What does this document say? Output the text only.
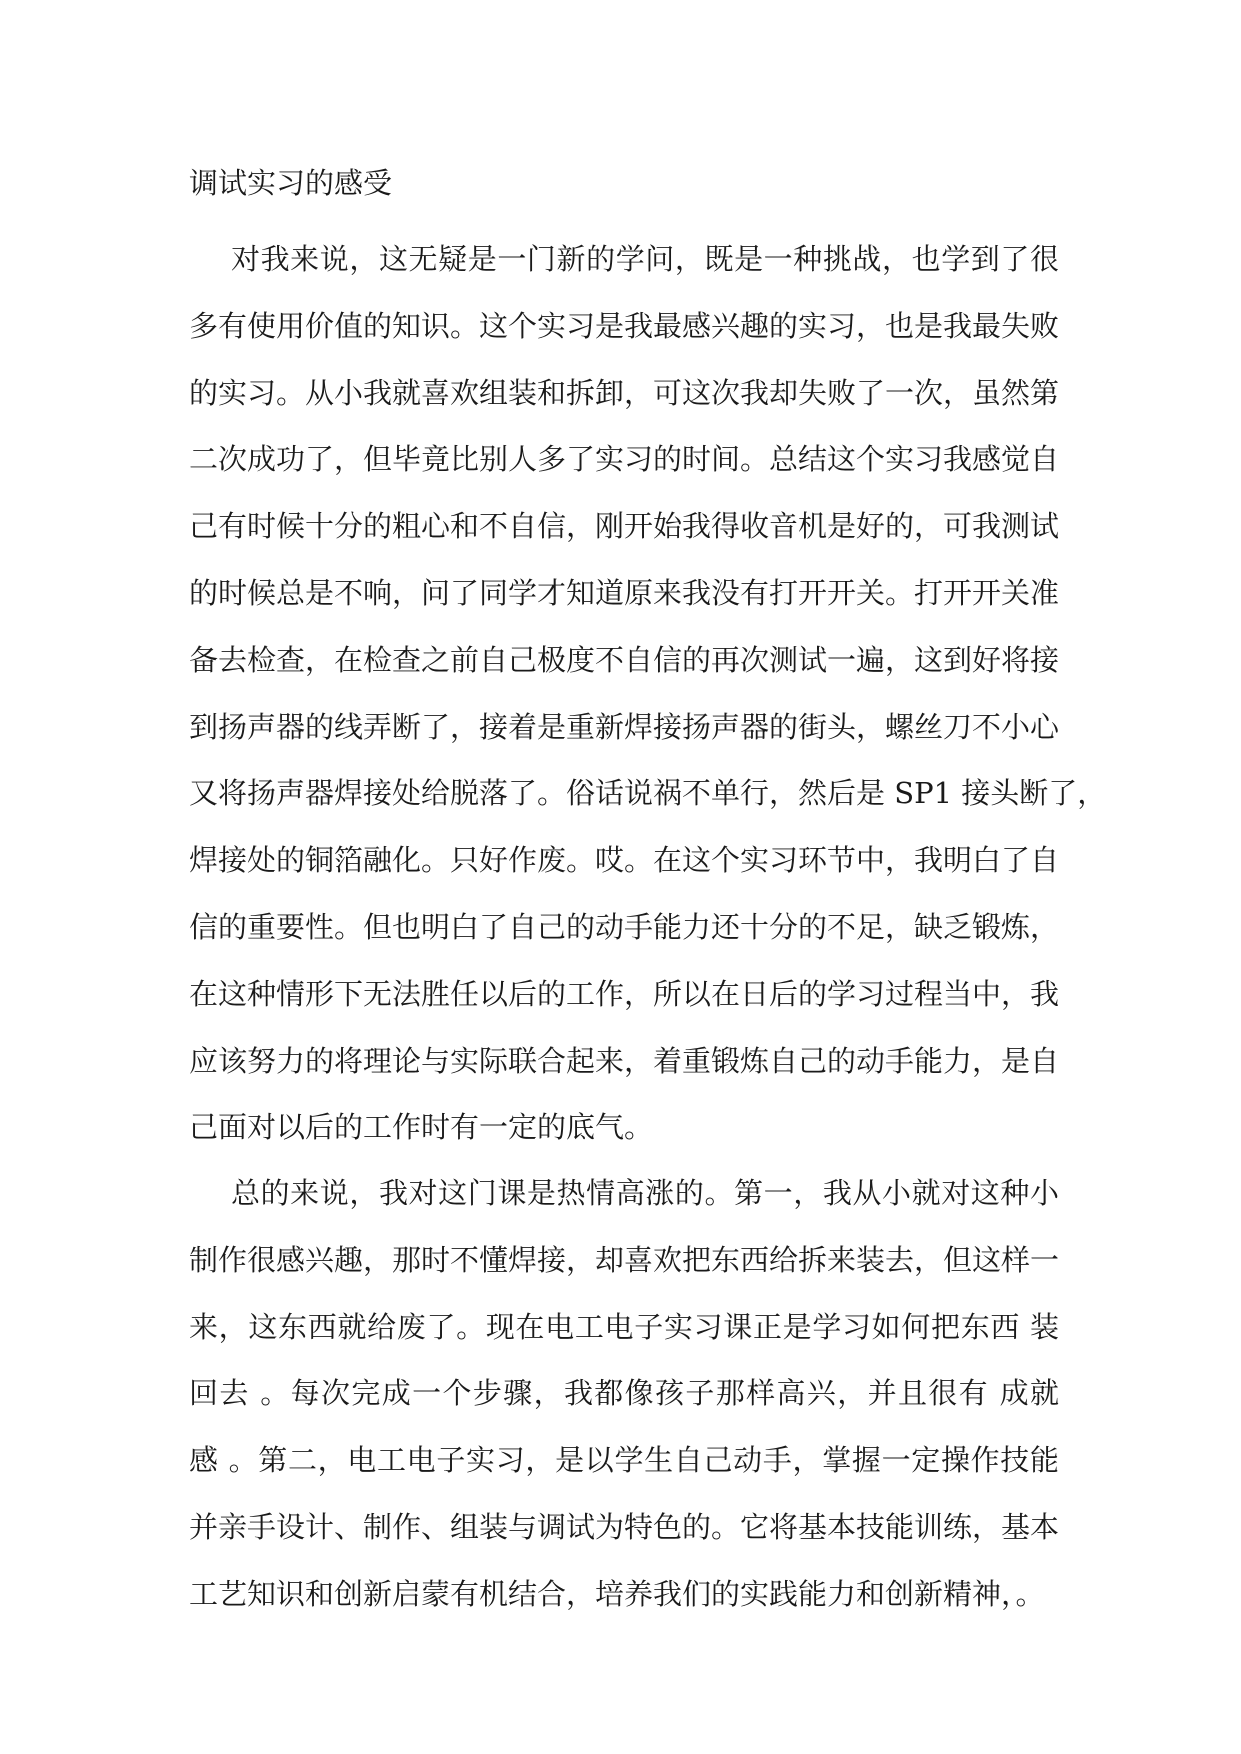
调试实习的感受
对我来说，这无疑是一门新的学问，既是一种挑战，也学到了很
多有使用价值的知识。这个实习是我最感兴趣的实习，也是我最失败
的实习。从小我就喜欢组装和拆卸，可这次我却失败了一次，虽然第
二次成功了，但毕竟比别人多了实习的时间。总结这个实习我感觉自
己有时候十分的粗心和不自信，刚开始我得收音机是好的，可我测试
的时候总是不响，问了同学才知道原来我没有打开开关。打开开关准
备去检查，在检查之前自己极度不自信的再次测试一遍，这到好将接
到扬声器的线弄断了，接着是重新焊接扬声器的街头，螺丝刀不小心
又将扬声器焊接处给脱落了。俗话说祸不单行，然后是 SP1 接头断了，
焊接处的铜箔融化。只好作废。哎。在这个实习环节中，我明白了自
信的重要性。但也明白了自己的动手能力还十分的不足，缺乏锻炼，
在这种情形下无法胜任以后的工作，所以在日后的学习过程当中，我
应该努力的将理论与实际联合起来，着重锻炼自己的动手能力，是自
己面对以后的工作时有一定的底气。
总的来说，我对这门课是热情高涨的。第一，我从小就对这种小
制作很感兴趣，那时不懂焊接，却喜欢把东西给拆来装去，但这样一
来，这东西就给废了。现在电工电子实习课正是学习如何把东西 装
回去 。每次完成一个步骤，我都像孩子那样高兴，并且很有 成就
感 。第二，电工电子实习，是以学生自己动手，掌握一定操作技能
并亲手设计、制作、组装与调试为特色的。它将基本技能训练，基本
工艺知识和创新启蒙有机结合，培养我们的实践能力和创新精神，。
